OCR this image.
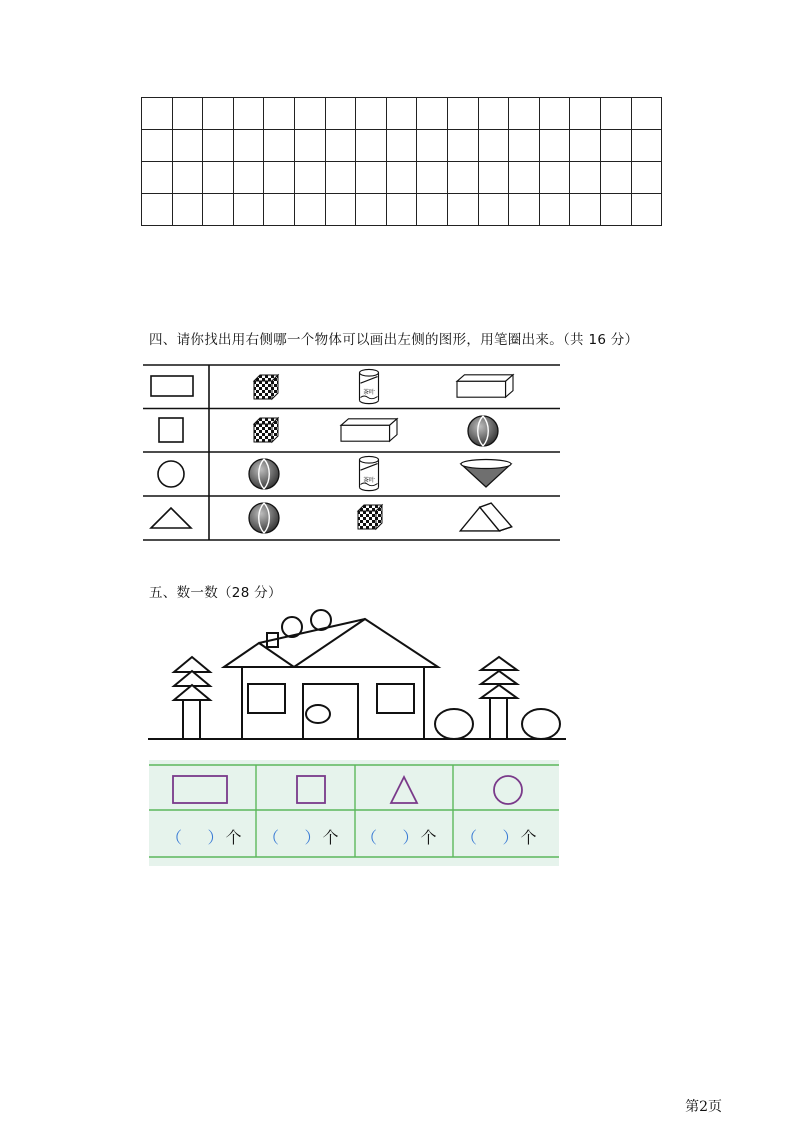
四、请你找出用右侧哪一个物体可以画出左侧的图形，用笔圈出来。（共 16 分）
茶叶
茶叶
五、数一数（28 分）
（ ） 个 （ ） 个 （ ） 个 （ ） 个
第2页
